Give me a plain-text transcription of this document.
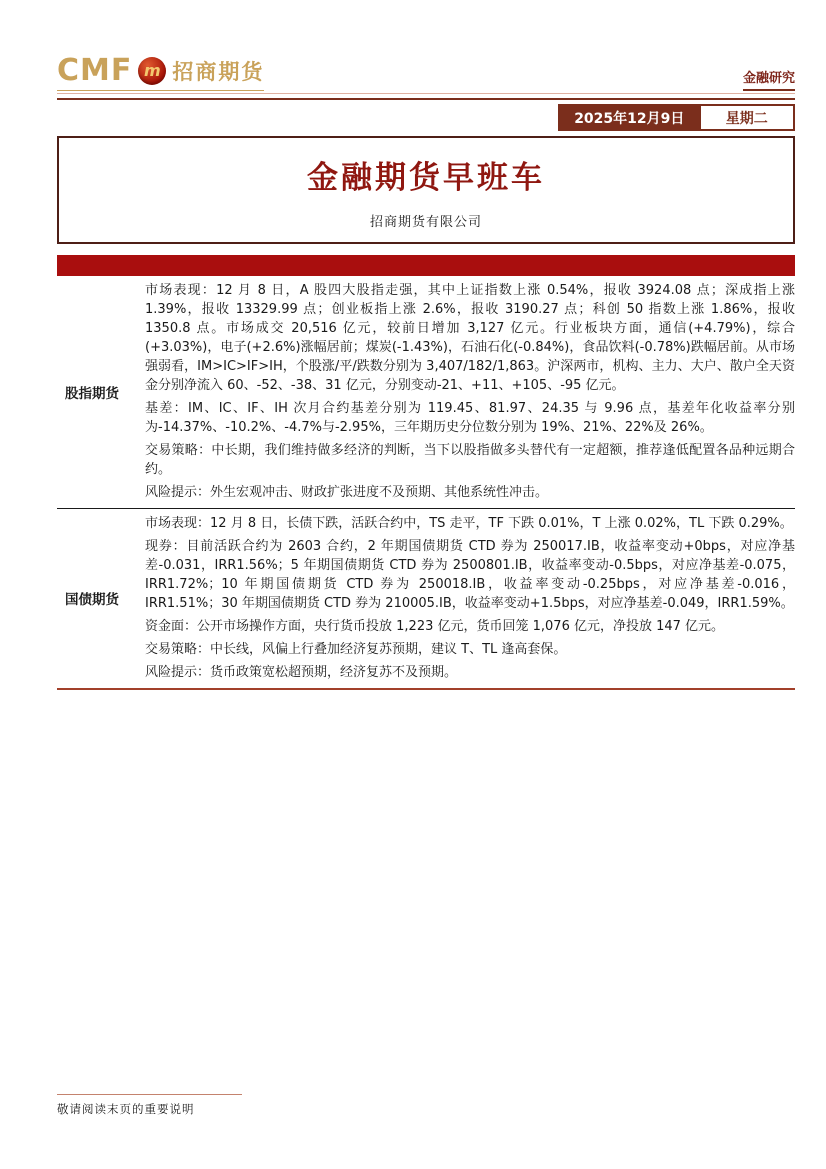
CMF m 招商期货	金融研究
2025年12月9日	星期二
金融期货早班车
招商期货有限公司
股指期货

市场表现：12 月 8 日，A 股四大股指走强，其中上证指数上涨 0.54%，报收 3924.08 点；深成指上涨 1.39%，报收 13329.99 点；创业板指上涨 2.6%，报收 3190.27 点；科创 50 指数上涨 1.86%，报收 1350.8 点。市场成交 20,516 亿元，较前日增加 3,127 亿元。行业板块方面，通信(+4.79%)，综合(+3.03%)，电子(+2.6%)涨幅居前；煤炭(-1.43%)，石油石化(-0.84%)，食品饮料(-0.78%)跌幅居前。从市场强弱看，IM>IC>IF>IH，个股涨/平/跌数分别为 3,407/182/1,863。沪深两市，机构、主力、大户、散户全天资金分别净流入 60、-52、-38、31 亿元，分别变动-21、+11、+105、-95 亿元。

基差：IM、IC、IF、IH 次月合约基差分别为 119.45、81.97、24.35 与 9.96 点，基差年化收益率分别为-14.37%、-10.2%、-4.7%与-2.95%，三年期历史分位数分别为 19%、21%、22%及 26%。

交易策略：中长期，我们维持做多经济的判断，当下以股指做多头替代有一定超额，推荐逢低配置各品种远期合约。

风险提示：外生宏观冲击、财政扩张进度不及预期、其他系统性冲击。

国债期货

市场表现：12 月 8 日，长债下跌，活跃合约中，TS 走平，TF 下跌 0.01%，T 上涨 0.02%，TL 下跌 0.29%。

现券：目前活跃合约为 2603 合约，2 年期国债期货 CTD 券为 250017.IB，收益率变动+0bps，对应净基差-0.031，IRR1.56%；5 年期国债期货 CTD 券为 2500801.IB，收益率变动-0.5bps，对应净基差-0.075，IRR1.72%；10 年期国债期货 CTD 券为 250018.IB，收益率变动-0.25bps，对应净基差-0.016，IRR1.51%；30 年期国债期货 CTD 券为 210005.IB，收益率变动+1.5bps，对应净基差-0.049，IRR1.59%。

资金面：公开市场操作方面，央行货币投放 1,223 亿元，货币回笼 1,076 亿元，净投放 147 亿元。

交易策略：中长线，风偏上行叠加经济复苏预期，建议 T、TL 逢高套保。

风险提示：货币政策宽松超预期，经济复苏不及预期。

敬请阅读末页的重要说明
